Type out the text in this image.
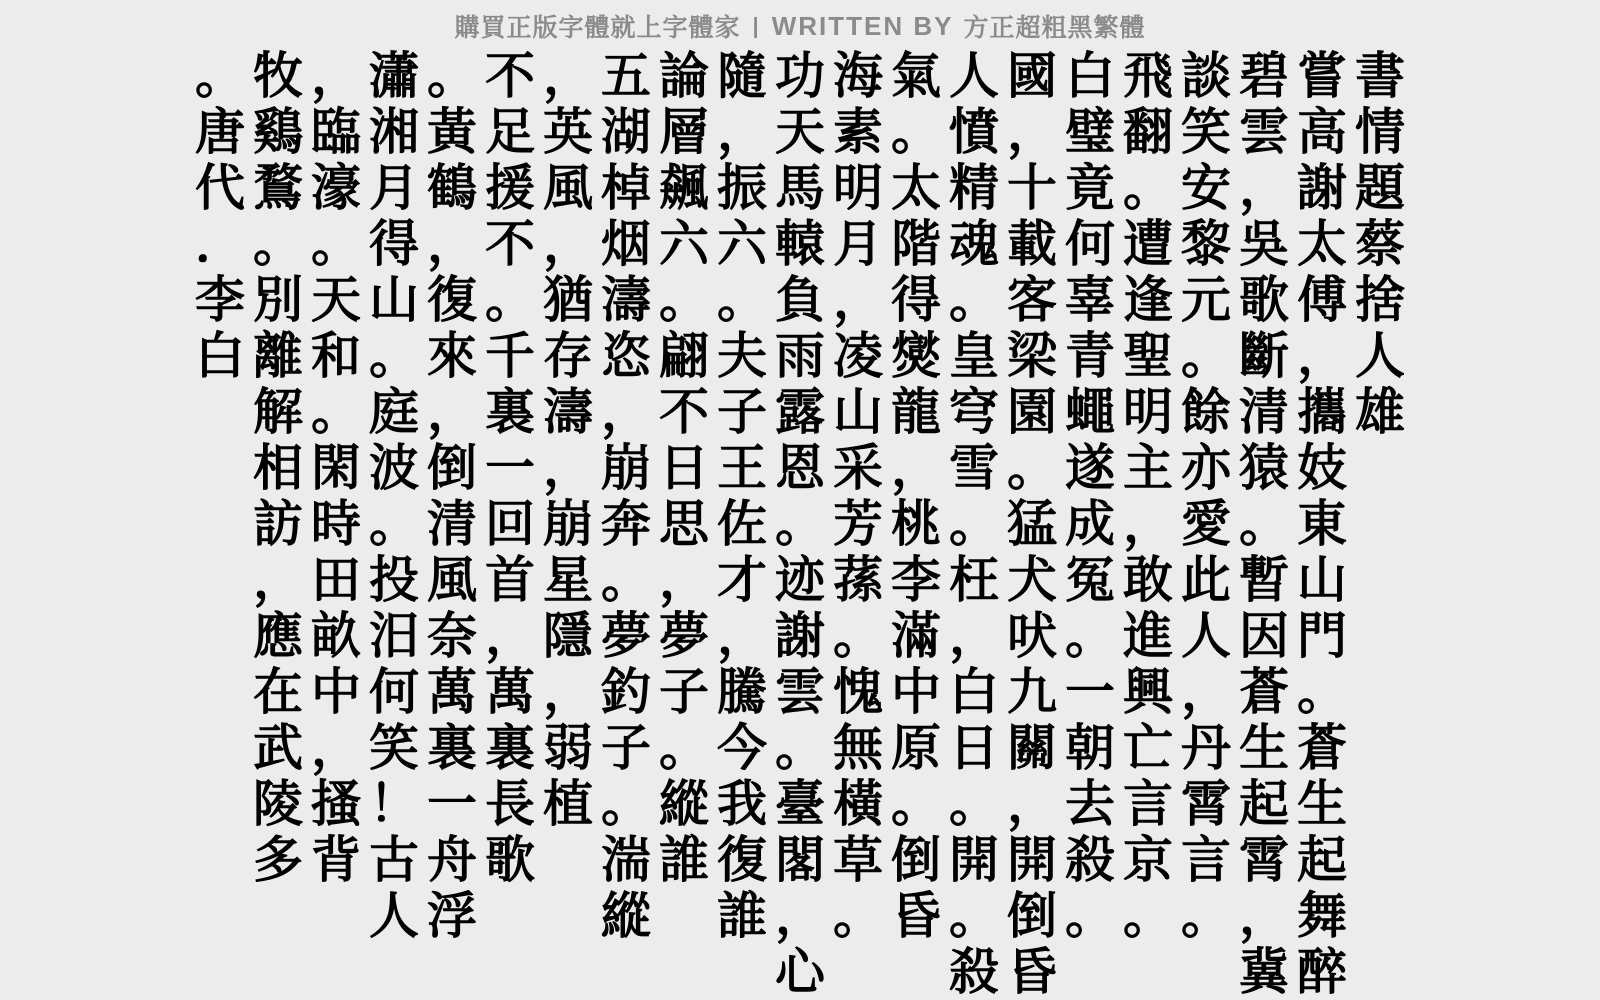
購買正版字體就上字體家 | WRITTEN BY 方正超粗黑繁體
書
情
題
蔡
捨
人
雄
嘗
高
謝
太
傅
，
攜
妓
東
山
門
。
蒼
生
起
舞
醉
碧
雲
，
吳
歌
斷
清
猿
。
暫
因
蒼
生
起
霄
，
冀
談
笑
安
黎
元
。
餘
亦
愛
此
人
，
丹
霄
言
。
飛
翻
。
遭
逢
聖
明
主
，
敢
進
興
亡
言
京
。
白
璧
竟
何
辜
青
蠅
遂
成
冤
。
一
朝
去
殺
。
國
，
十
載
客
梁
園
。
猛
犬
吠
九
關
，
開
倒
昏
人
憤
精
魂
。
皇
穹
雪
。
枉
，
白
日
。
開
。
殺
氣
。
太
階
得
爕
龍
，
桃
李
滿
中
原
。
倒
昏
海
素
明
月
，
凌
山
采
芳
蓀
。
愧
無
橫
草
。
功
天
馬
轅
負
雨
露
恩
。
迹
謝
雲
。
臺
閣
，
心
隨
，
振
六
。
夫
子
王
佐
才
，
騰
今
我
復
誰
論
層
飆
六
。
翩
不
日
思
，
夢
子
。
縱
誰
五
湖
棹
烟
濤
恣
，
崩
奔
。
夢
釣
子
。
湍
縱
，
英
風
，
猶
存
濤
，
崩
星
隱
，
弱
植
不
足
援
不
。
千
裏
一
回
首
，
萬
裏
長
歌
。
黃
鶴
，
復
來
，
倒
清
風
奈
萬
裏
一
舟
浮
瀟
湘
月
得
山
。
庭
波
。
投
汨
何
笑
！
古
人
，
臨
濠
。
天
和
。
閑
時
田
畝
中
，
搔
背
牧
鷄
鶩
。
別
離
解
相
訪
，
應
在
武
陵
多
。
唐
代
．
李
白
